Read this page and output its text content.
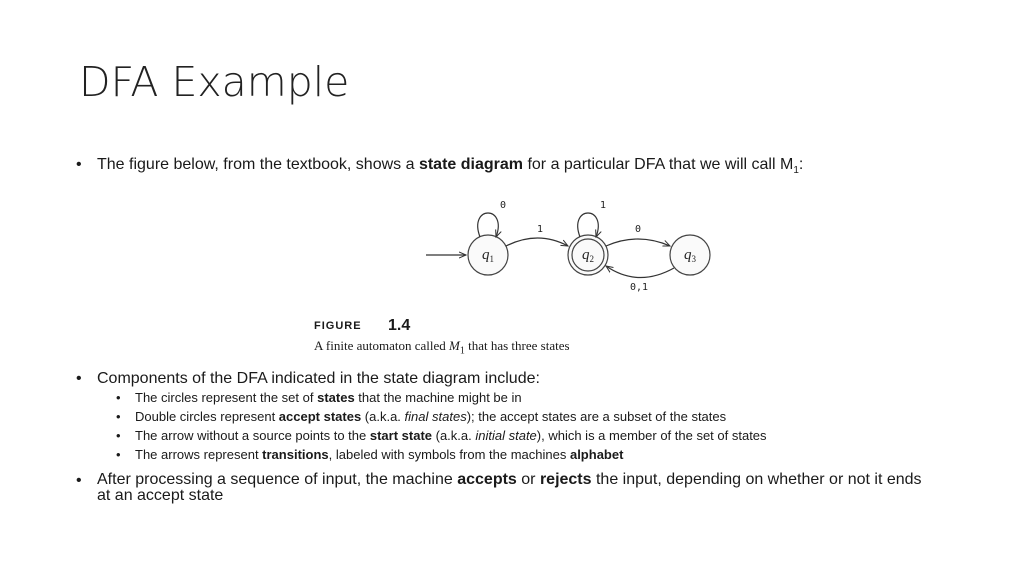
DFA Example
• The figure below, from the textbook, shows a state diagram for a particular DFA that we will call $M_1$:
$q_1$	$q_2$	$q_3$
0	1
1	0
0,1
FIGURE 1.4
A finite automaton called $M_1$ that has three states
• Components of the DFA indicated in the state diagram include:
• The circles represent the set of states that the machine might be in
• Double circles represent accept states (a.k.a. final states); the accept states are a subset of the states
• The arrow without a source points to the start state (a.k.a. initial state), which is a member of the set of states
• The arrows represent transitions, labeled with symbols from the machines alphabet
• After processing a sequence of input, the machine accepts or rejects the input, depending on whether or not it ends at an accept state
